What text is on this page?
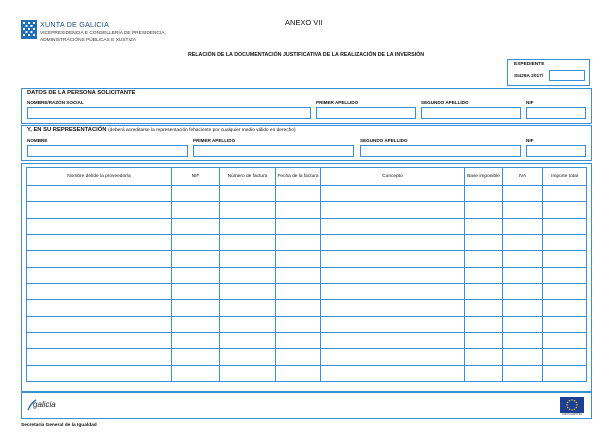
XUNTA DE GALICIA
VICEPRESIDENCIA E CONSELLERÍA DE PRESIDENCIA,
ADMINISTRACIÓNS PÚBLICAS E XUSTIZA
ANEXO VII
RELACIÓN DE LA DOCUMENTACIÓN JUSTIFICATIVA DE LA REALIZACIÓN DE LA INVERSIÓN
EXPEDIENTE
SI429A 2017/
DATOS DE LA PERSONA SOLICITANTE
NOMBRE/RAZÓN SOCIAL	PRIMER APELLIDO	SEGUNDO APELLIDO	NIF
Y, EN SU REPRESENTACIÓN (deberá acreditarse la representación fehaciente por cualquier medio válido en derecho)
NOMBRE	PRIMER APELLIDO	SEGUNDO APELLIDO	NIF
Nombre del/de la proveedor/a	NIF	Número de factura	Fecha de la factura	Concepto	Base imponible	IVA	Importe total

galicia
UNIÓN EUROPEA
Secretaría General de la Igualdad
